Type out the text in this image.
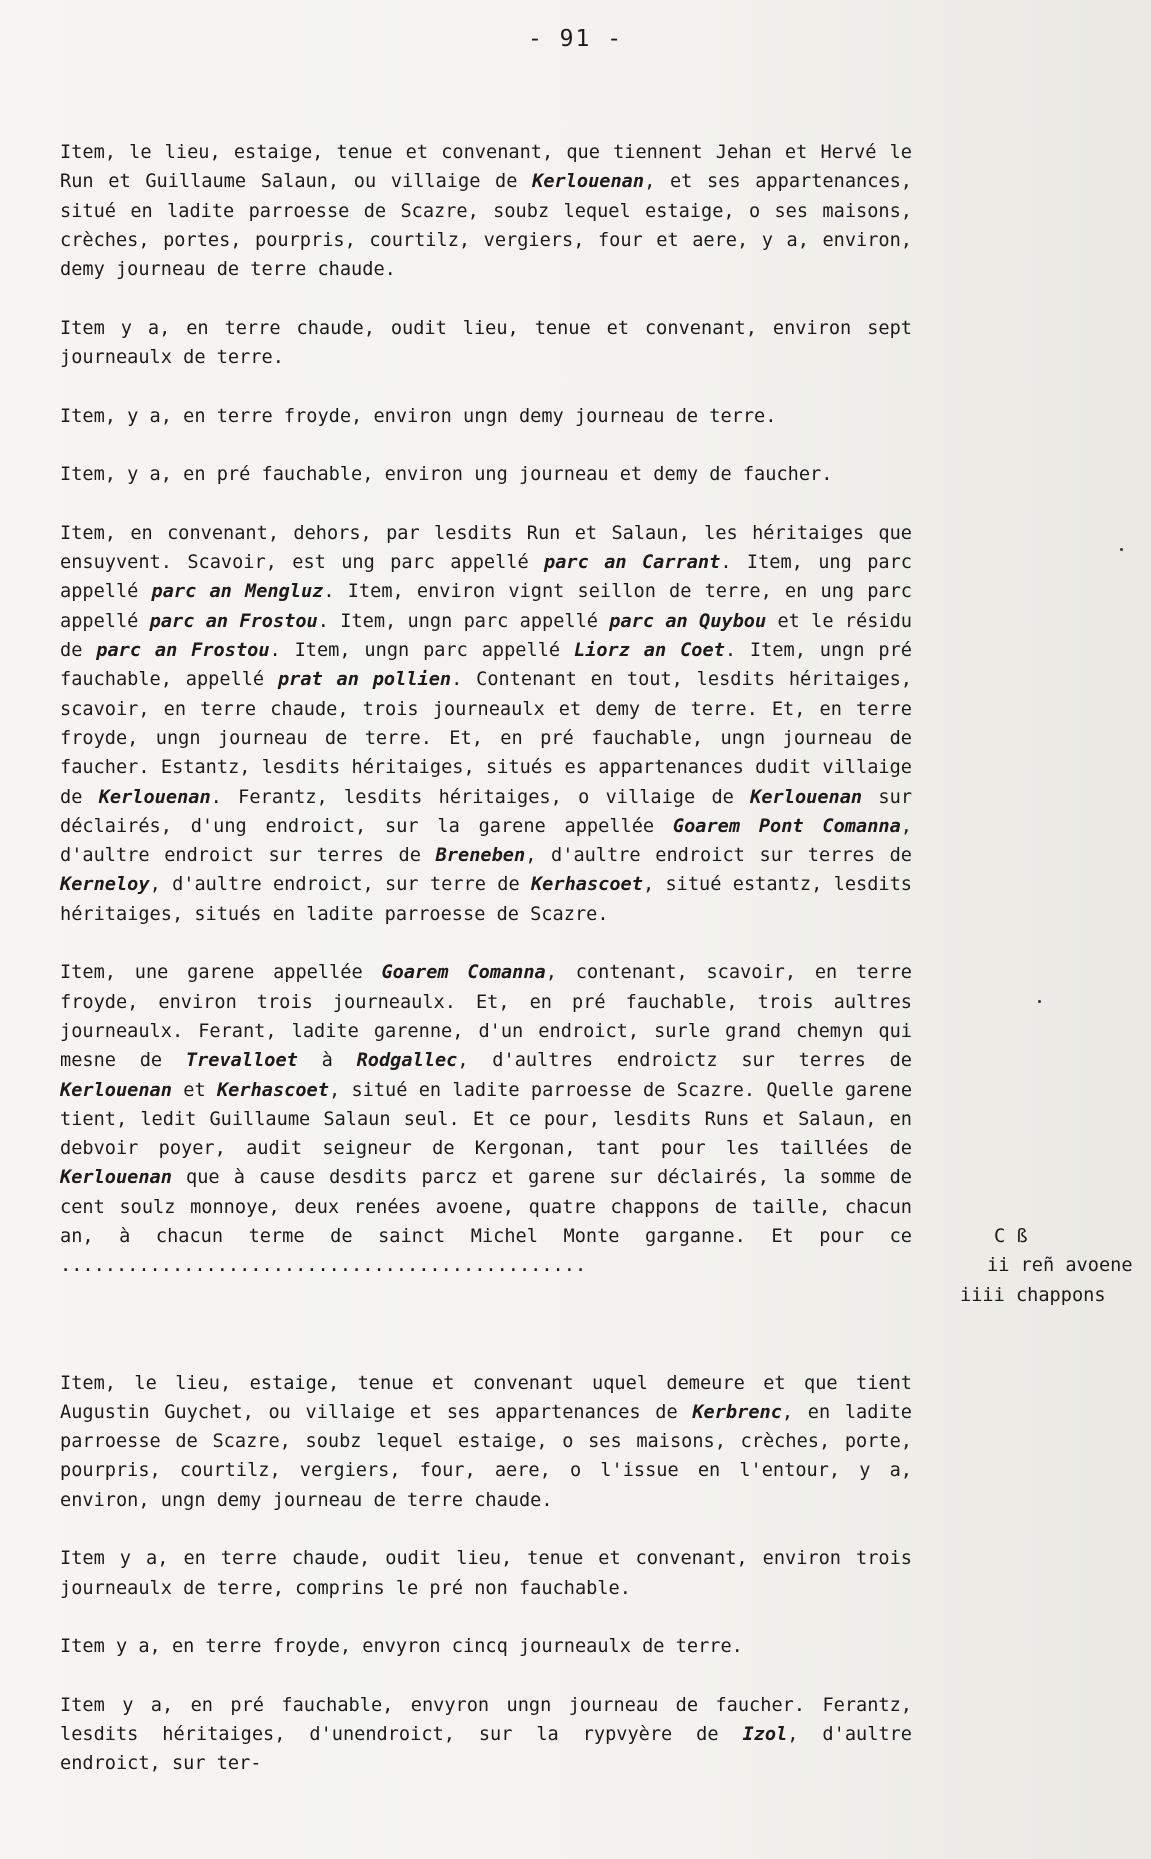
- 91 -

Item, le lieu, estaige, tenue et convenant, que tiennent Jehan et Hervé le Run et Guillaume Salaun, ou villaige de Kerlouenan, et ses appartenances, situé en ladite parroesse de Scazre, soubz lequel estaige, o ses maisons, crèches, portes, pourpris, courtilz, vergiers, four et aere, y a, environ, demy journeau de terre chaude.

Item y a, en terre chaude, oudit lieu, tenue et convenant, environ sept journeaulx de terre.

Item, y a, en terre froyde, environ ungn demy journeau de terre.

Item, y a, en pré fauchable, environ ung journeau et demy de faucher.

Item, en convenant, dehors, par lesdits Run et Salaun, les héritaiges que ensuyvent. Scavoir, est ung parc appellé parc an Carrant. Item, ung parc appellé parc an Mengluz. Item, environ vignt seillon de terre, en ung parc appellé parc an Frostou. Item, ungn parc appellé parc an Quybou et le résidu de parc an Frostou. Item, ungn parc appellé Liorz an Coet. Item, ungn pré fauchable, appellé prat an pollien. Contenant en tout, lesdits héritaiges, scavoir, en terre chaude, trois journeaulx et demy de terre. Et, en terre froyde, ungn journeau de terre. Et, en pré fauchable, ungn journeau de faucher. Estantz, lesdits héritaiges, situés es appartenances dudit villaige de Kerlouenan. Ferantz, lesdits héritaiges, o villaige de Kerlouenan sur déclairés, d'ung endroict, sur la garene appellée Goarem Pont Comanna, d'aultre endroict sur terres de Breneben, d'aultre endroict sur terres de Kerneloy, d'aultre endroict, sur terre de Kerhascoet, situé estantz, lesdits héritaiges, situés en ladite parroesse de Scazre.

Item, une garene appellée Goarem Comanna, contenant, scavoir, en terre froyde, environ trois journeaulx. Et, en pré fauchable, trois aultres journeaulx. Ferant, ladite garenne, d'un endroict, surle grand chemyn qui mesne de Trevalloet à Rodgallec, d'aultres endroictz sur terres de Kerlouenan et Kerhascoet, situé en ladite parroesse de Scazre. Quelle garene tient, ledit Guillaume Salaun seul. Et ce pour, lesdits Runs et Salaun, en debvoir poyer, audit seigneur de Kergonan, tant pour les taillées de Kerlouenan que à cause desdits parcz et garene sur déclairés, la somme de cent soulz monnoye, deux renées avoene, quatre chappons de taille, chacun an, à chacun terme de sainct Michel Monte garganne. Et pour ce ...............................................

Item, le lieu, estaige, tenue et convenant uquel demeure et que tient Augustin Guychet, ou villaige et ses appartenances de Kerbrenc, en ladite parroesse de Scazre, soubz lequel estaige, o ses maisons, crèches, porte, pourpris, courtilz, vergiers, four, aere, o l'issue en l'entour, y a, environ, ungn demy journeau de terre chaude.

Item y a, en terre chaude, oudit lieu, tenue et convenant, environ trois journeaulx de terre, comprins le pré non fauchable.

Item y a, en terre froyde, envyron cincq journeaulx de terre.

Item y a, en pré fauchable, envyron ungn journeau de faucher. Ferantz, lesdits héritaiges, d'unendroict, sur la rypvyère de Izol, d'aultre endroict, sur ter-

C ß
ii reñ avoene
iiii chappons
